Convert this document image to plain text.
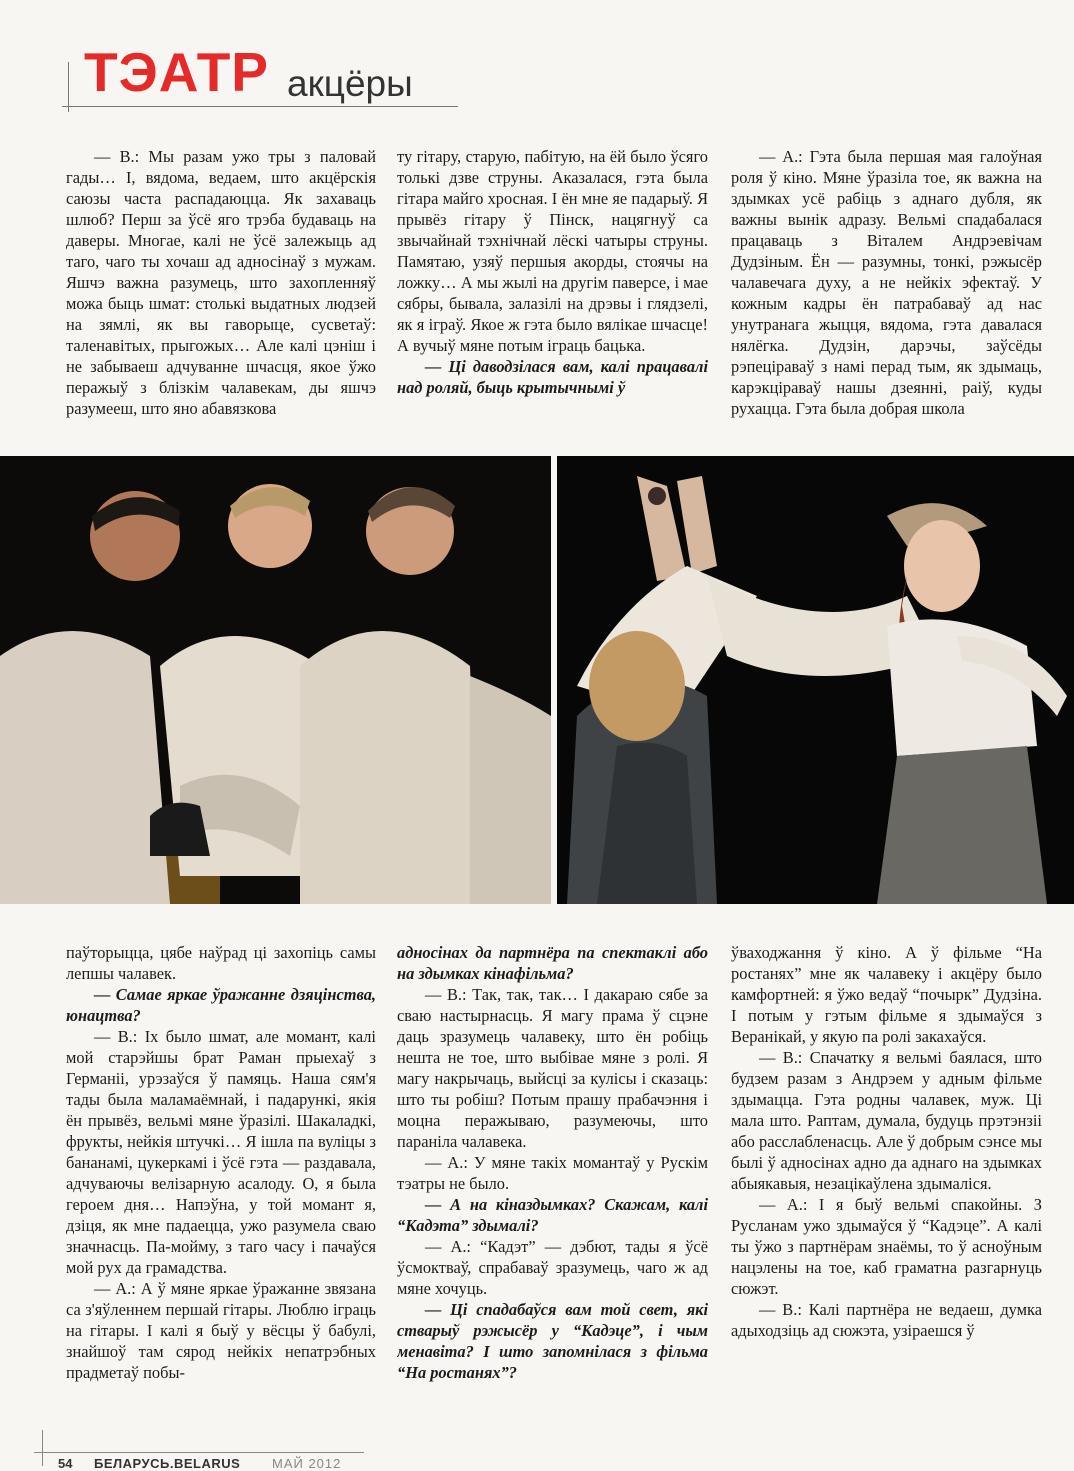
ТЭАТР акцёры

— В.: Мы разам ужо тры з паловай гады… І, вядома, ведаем, што акцёрскія саюзы часта распадаюцца. Як захаваць шлюб? Перш за ўсё яго трэба будаваць на даверы. Многае, калі не ўсё залежыць ад таго, чаго ты хочаш ад адносінаў з мужам. Яшчэ важна разумець, што захопленняў можа быць шмат: столькі выдатных людзей на зямлі, як вы гаворыце, сусветаў: таленавітых, прыгожых… Але калі цэніш і не забываеш адчуванне шчасця, якое ўжо перажыў з блізкім чалавекам, ды яшчэ разумееш, што яно абавязкова

ту гітару, старую, пабітую, на ёй было ўсяго толькі дзве струны. Аказалася, гэта была гітара майго хросная. І ён мне яе падарыў. Я прывёз гітару ў Пінск, нацягнуў са звычайнай тэхнічнай лёскі чатыры струны. Памятаю, узяў першыя акорды, стоячы на ложку… А мы жылі на другім паверсе, і мае сябры, бывала, залазілі на дрэвы і глядзелі, як я іграў. Якое ж гэта было вялікае шчасце! А вучыў мяне потым іграць бацька.

— Ці даводзілася вам, калі працавалі над роляй, быць крытычнымі ў

— А.: Гэта была першая мая галоўная роля ў кіно. Мяне ўразіла тое, як важна на здымках усё рабіць з аднаго дубля, як важны вынік адразу. Вельмі спадабалася працаваць з Віталем Андрэевічам Дудзіным. Ён — разумны, тонкі, рэжысёр чалавечага духу, а не нейкіх эфектаў. У кожным кадры ён патрабаваў ад нас унутранага жыцця, вядома, гэта давалася нялёгка. Дудзін, дарэчы, заўсёды рэпеціраваў з намі перад тым, як здымаць, карэкціраваў нашы дзеянні, раіў, куды рухацца. Гэта была добрая школа

паўторыцца, цябе наўрад ці захопіць самы лепшы чалавек.

— Самае яркае ўражанне дзяцінства, юнацтва?

— В.: Іх было шмат, але момант, калі мой старэйшы брат Раман прыехаў з Германіі, урэзаўся ў памяць. Наша сям'я тады была маламаёмнай, і падарункі, якія ён прывёз, вельмі мяне ўразілі. Шакаладкі, фрукты, нейкія штучкі… Я ішла па вуліцы з бананамі, цукеркамі і ўсё гэта — раздавала, адчуваючы велізарную асалоду. О, я была героем дня… Напэўна, у той момант я, дзіця, як мне падаецца, ужо разумела сваю значнасць. Па-мойму, з таго часу і пачаўся мой рух да грамадства.

— А.: А ў мяне яркае ўражанне звязана са з'яўленнем першай гітары. Люблю іграць на гітары. І калі я быў у вёсцы ў бабулі, знайшоў там сярод нейкіх непатрэбных прадметаў побы-

адносінах да партнёра па спектаклі або на здымках кінафільма?

— В.: Так, так, так… І дакараю сябе за сваю настырнасць. Я магу прама ў сцэне даць зразумець чалавеку, што ён робіць нешта не тое, што выбівае мяне з ролі. Я магу накрычаць, выйсці за кулісы і сказаць: што ты робіш? Потым прашу прабачэння і моцна перажываю, разумеючы, што параніла чалавека.

— А.: У мяне такіх момантаў у Рускім тэатры не было.

— А на кіназдымках? Скажам, калі “Кадэта” здымалі?

— А.: “Кадэт” — дэбют, тады я ўсё ўсмоктваў, спрабаваў зразумець, чаго ж ад мяне хочуць.

— Ці спадабаўся вам той свет, які стварыў рэжысёр у “Кадэце”, і чым менавіта? І што запомнілася з фільма “На ростанях”?

ўваходжання ў кіно. А ў фільме “На ростанях” мне як чалавеку і акцёру было камфортней: я ўжо ведаў “почырк” Дудзіна. І потым у гэтым фільме я здымаўся з Веранікай, у якую па ролі закахаўся.

— В.: Спачатку я вельмі баялася, што будзем разам з Андрэем у адным фільме здымацца. Гэта родны чалавек, муж. Ці мала што. Раптам, думала, будуць прэтэнзіі або расслабленасць. Але ў добрым сэнсе мы былі ў адносінах адно да аднаго на здымках абыякавыя, незацікаўлена здымаліся.

— А.: І я быў вельмі спакойны. З Русланам ужо здымаўся ў “Кадэце”. А калі ты ўжо з партнёрам знаёмы, то ў асноўным нацэлены на тое, каб граматна разгарнуць сюжэт.

— В.: Калі партнёра не ведаеш, думка адыходзіць ад сюжэта, узіраешся ў

54 БЕЛАРУСЬ.BELARUS МАЙ 2012
